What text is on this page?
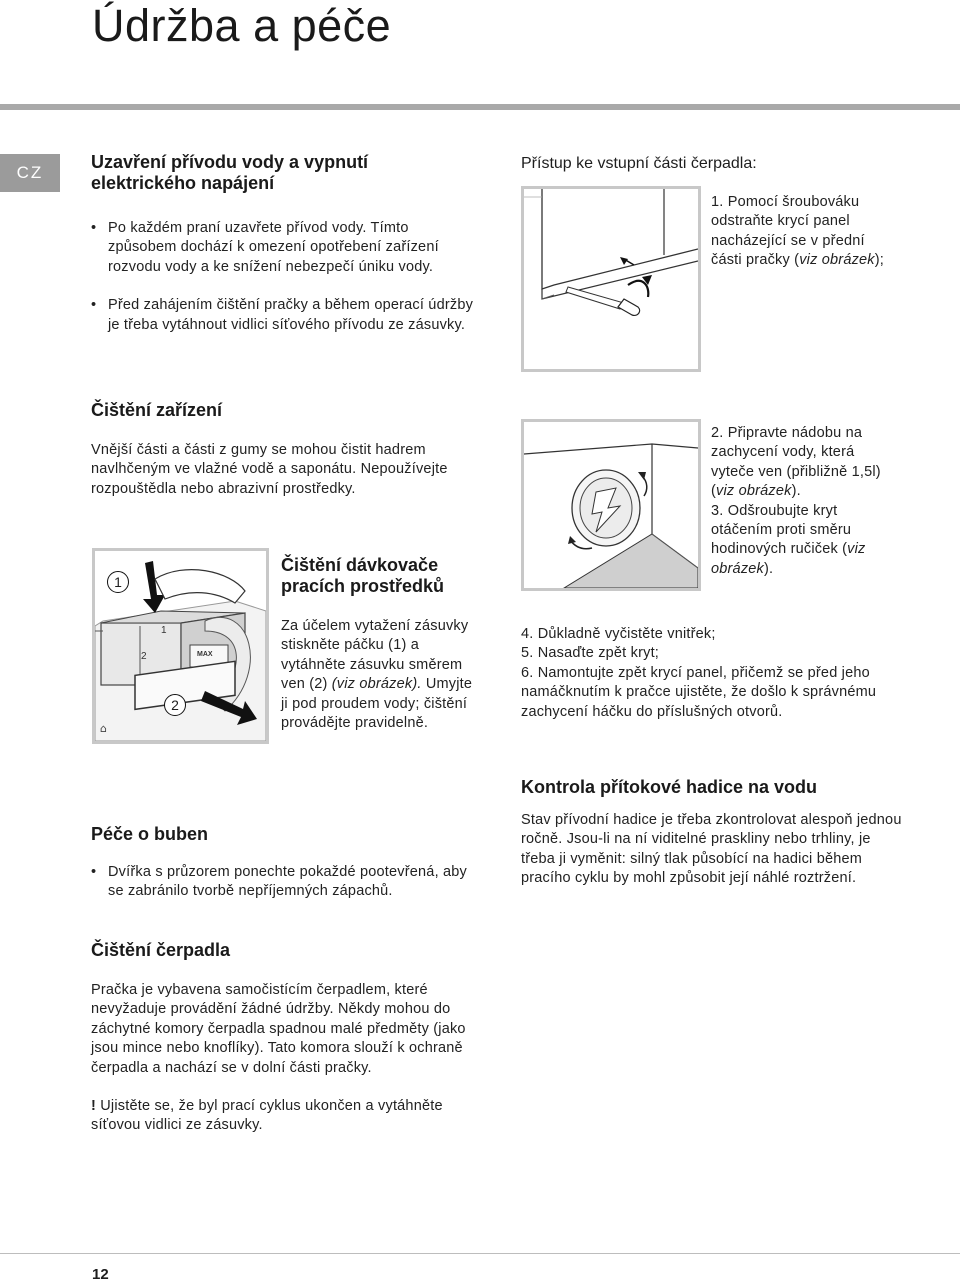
Údržba a péče
CZ
Uzavření přívodu vody a vypnutí elektrického napájení
• Po každém praní uzavřete přívod vody. Tímto způsobem dochází k omezení opotřebení zařízení rozvodu vody a ke snížení nebezpečí úniku vody.
• Před zahájením čištění pračky a během operací údržby je třeba vytáhnout vidlici síťového přívodu ze zásuvky.
Čištění zařízení

Vnější části a části z gumy se mohou čistit hadrem navlhčeným ve vlažné vodě a saponátu. Nepoužívejte rozpouštědla nebo abrazivní prostředky.

⌂
1
2
1
2	MAX
Čištění dávkovače pracích prostředků

Za účelem vytažení zásuvky stiskněte páčku (1) a vytáhněte zásuvku směrem ven (2) (viz obrázek). Umyjte ji pod proudem vody; čištění provádějte pravidelně.

Péče o buben
• Dvířka s průzorem ponechte pokaždé pootevřená, aby se zabránilo tvorbě nepříjemných zápachů.
Čištění čerpadla

Pračka je vybavena samočistícím čerpadlem, které nevyžaduje provádění žádné údržby. Někdy mohou do záchytné komory čerpadla spadnou malé předměty (jako jsou mince nebo knoflíky). Tato komora slouží k ochraně čerpadla a nachází se v dolní části pračky.

! Ujistěte se, že byl prací cyklus ukončen a vytáhněte síťovou vidlici ze zásuvky.

Přístup ke vstupní části čerpadla:

1. Pomocí šroubováku odstraňte krycí panel nacházející se v přední části pračky (viz obrázek);

2. Připravte nádobu na zachycení vody, která vyteče ven (přibližně 1,5l) (viz obrázek).

3. Odšroubujte kryt otáčením proti směru hodinových ručiček (viz obrázek).

4. Důkladně vyčistěte vnitřek;

5. Nasaďte zpět kryt;

6. Namontujte zpět krycí panel, přičemž se před jeho namáčknutím k pračce ujistěte, že došlo k správnému zachycení háčku do příslušných otvorů.

Kontrola přítokové hadice na vodu

Stav přívodní hadice je třeba zkontrolovat alespoň jednou ročně. Jsou-li na ní viditelné praskliny nebo trhliny, je třeba ji vyměnit: silný tlak působící na hadici během pracího cyklu by mohl způsobit její náhlé roztržení.

12
